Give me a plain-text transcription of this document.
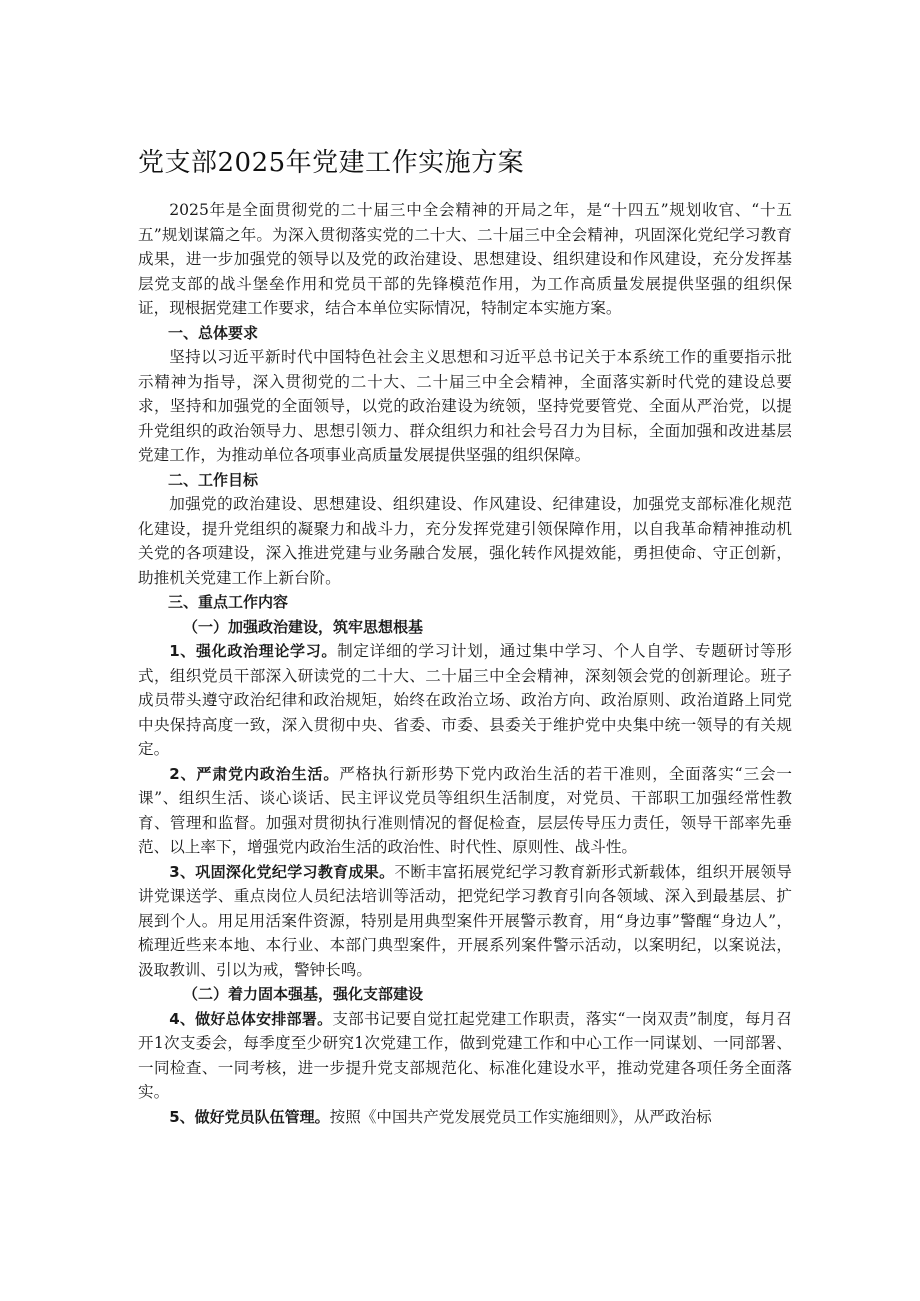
党支部2025年党建工作实施方案

2025年是全面贯彻党的二十届三中全会精神的开局之年，是“十四五”规划收官、“十五五”规划谋篇之年。为深入贯彻落实党的二十大、二十届三中全会精神，巩固深化党纪学习教育成果，进一步加强党的领导以及党的政治建设、思想建设、组织建设和作风建设，充分发挥基层党支部的战斗堡垒作用和党员干部的先锋模范作用，为工作高质量发展提供坚强的组织保证，现根据党建工作要求，结合本单位实际情况，特制定本实施方案。

一、总体要求

坚持以习近平新时代中国特色社会主义思想和习近平总书记关于本系统工作的重要指示批示精神为指导，深入贯彻党的二十大、二十届三中全会精神，全面落实新时代党的建设总要求，坚持和加强党的全面领导，以党的政治建设为统领，坚持党要管党、全面从严治党，以提升党组织的政治领导力、思想引领力、群众组织力和社会号召力为目标，全面加强和改进基层党建工作，为推动单位各项事业高质量发展提供坚强的组织保障。

二、工作目标

加强党的政治建设、思想建设、组织建设、作风建设、纪律建设，加强党支部标准化规范化建设，提升党组织的凝聚力和战斗力，充分发挥党建引领保障作用，以自我革命精神推动机关党的各项建设，深入推进党建与业务融合发展，强化转作风提效能，勇担使命、守正创新，助推机关党建工作上新台阶。

三、重点工作内容

（一）加强政治建设，筑牢思想根基

1、强化政治理论学习。制定详细的学习计划，通过集中学习、个人自学、专题研讨等形式，组织党员干部深入研读党的二十大、二十届三中全会精神，深刻领会党的创新理论。班子成员带头遵守政治纪律和政治规矩，始终在政治立场、政治方向、政治原则、政治道路上同党中央保持高度一致，深入贯彻中央、省委、市委、县委关于维护党中央集中统一领导的有关规定。

2、严肃党内政治生活。严格执行新形势下党内政治生活的若干准则，全面落实“三会一课”、组织生活、谈心谈话、民主评议党员等组织生活制度，对党员、干部职工加强经常性教育、管理和监督。加强对贯彻执行准则情况的督促检查，层层传导压力责任，领导干部率先垂范、以上率下，增强党内政治生活的政治性、时代性、原则性、战斗性。

3、巩固深化党纪学习教育成果。不断丰富拓展党纪学习教育新形式新载体，组织开展领导讲党课送学、重点岗位人员纪法培训等活动，把党纪学习教育引向各领域、深入到最基层、扩展到个人。用足用活案件资源，特别是用典型案件开展警示教育，用“身边事”警醒“身边人”，梳理近些来本地、本行业、本部门典型案件，开展系列案件警示活动，以案明纪，以案说法，汲取教训、引以为戒，警钟长鸣。

（二）着力固本强基，强化支部建设

4、做好总体安排部署。支部书记要自觉扛起党建工作职责，落实“一岗双责”制度，每月召开1次支委会，每季度至少研究1次党建工作，做到党建工作和中心工作一同谋划、一同部署、一同检查、一同考核，进一步提升党支部规范化、标准化建设水平，推动党建各项任务全面落实。

5、做好党员队伍管理。按照《中国共产党发展党员工作实施细则》，从严政治标
